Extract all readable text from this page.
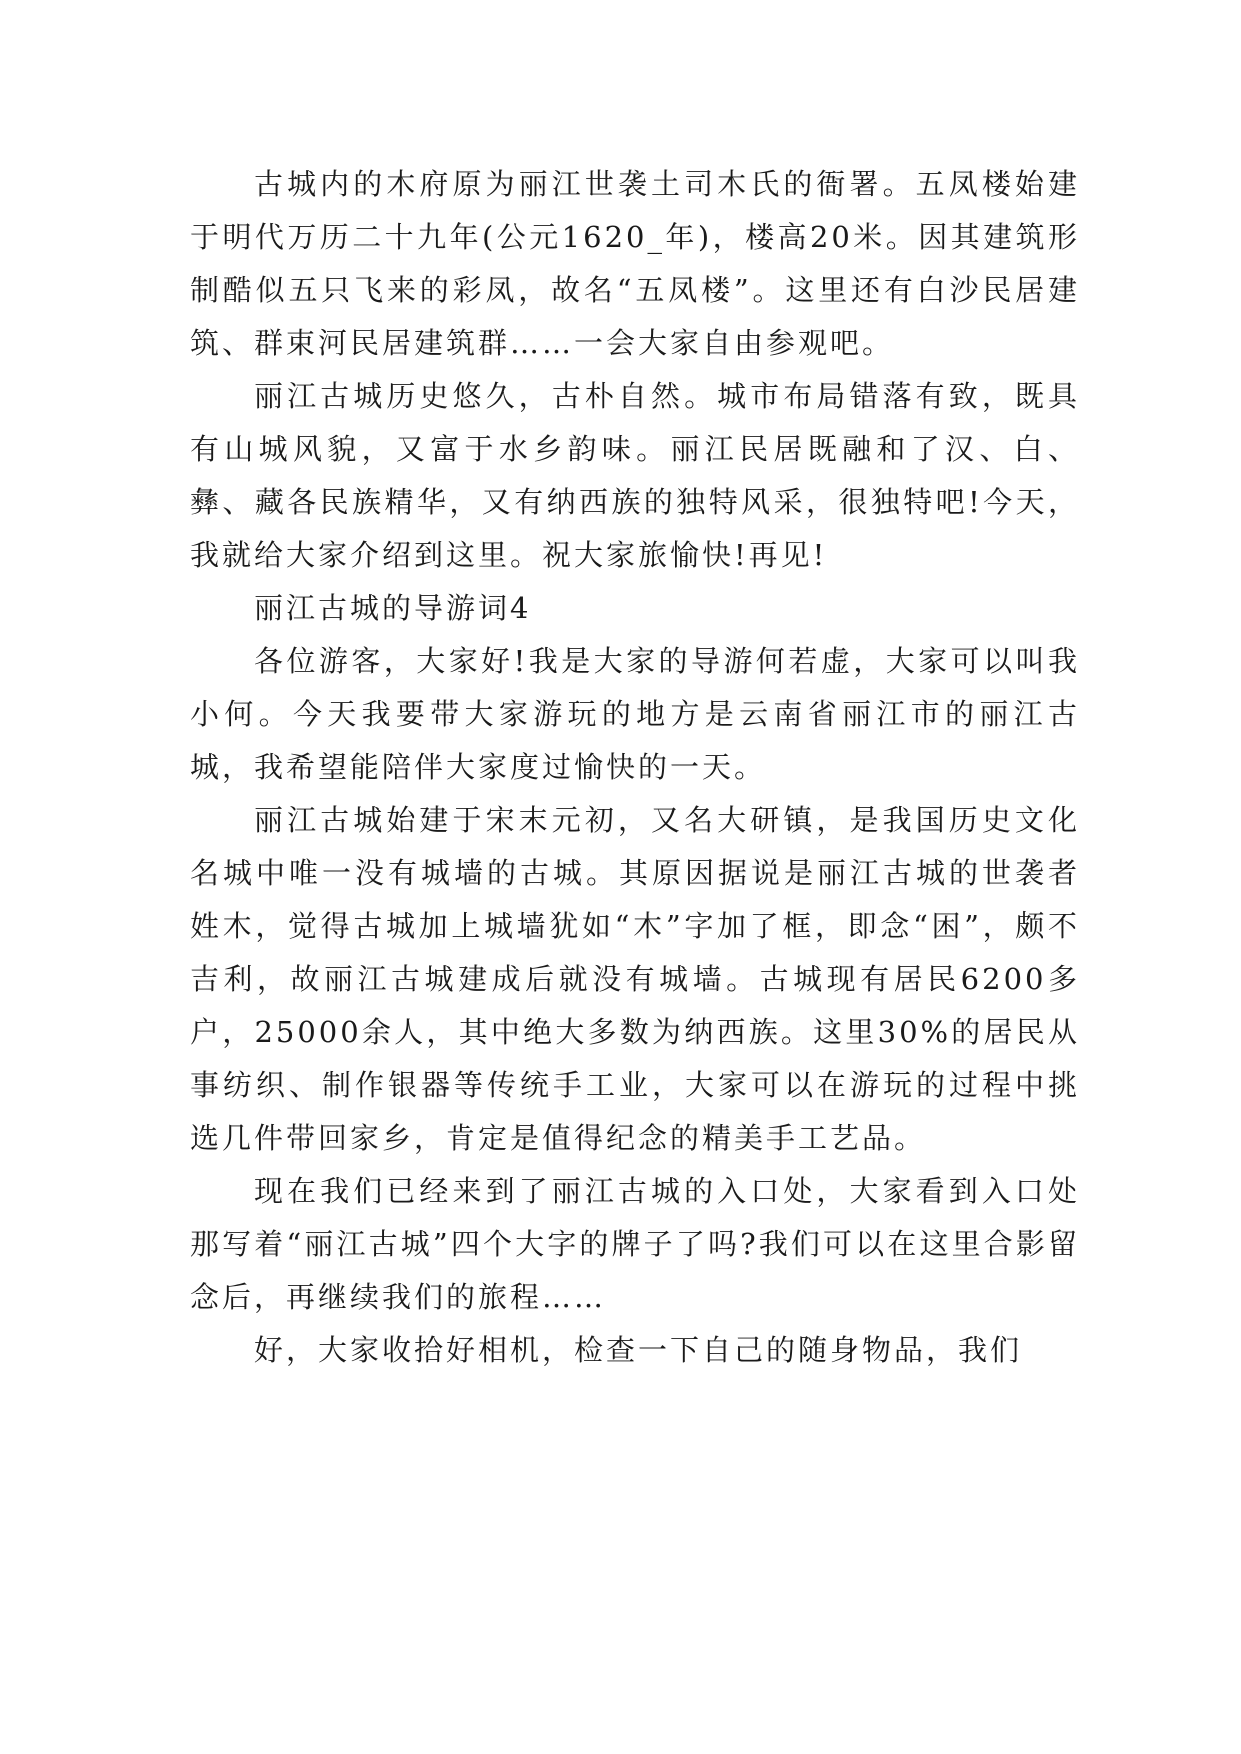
古城内的木府原为丽江世袭土司木氏的衙署。五凤楼始建于明代万历二十九年(公元1620_年)，楼高20米。因其建筑形制酷似五只飞来的彩凤，故名“五凤楼”。这里还有白沙民居建筑、群束河民居建筑群……一会大家自由参观吧。

丽江古城历史悠久，古朴自然。城市布局错落有致，既具有山城风貌，又富于水乡韵味。丽江民居既融和了汉、白、彝、藏各民族精华，又有纳西族的独特风采，很独特吧!今天，我就给大家介绍到这里。祝大家旅愉快!再见!

丽江古城的导游词4

各位游客，大家好!我是大家的导游何若虚，大家可以叫我小何。今天我要带大家游玩的地方是云南省丽江市的丽江古城，我希望能陪伴大家度过愉快的一天。

丽江古城始建于宋末元初，又名大研镇，是我国历史文化名城中唯一没有城墙的古城。其原因据说是丽江古城的世袭者姓木，觉得古城加上城墙犹如“木”字加了框，即念“困”，颇不吉利，故丽江古城建成后就没有城墙。古城现有居民6200多户，25000余人，其中绝大多数为纳西族。这里30%的居民从事纺织、制作银器等传统手工业，大家可以在游玩的过程中挑选几件带回家乡，肯定是值得纪念的精美手工艺品。

现在我们已经来到了丽江古城的入口处，大家看到入口处那写着“丽江古城”四个大字的牌子了吗?我们可以在这里合影留念后，再继续我们的旅程……

好，大家收拾好相机，检查一下自己的随身物品，我们
